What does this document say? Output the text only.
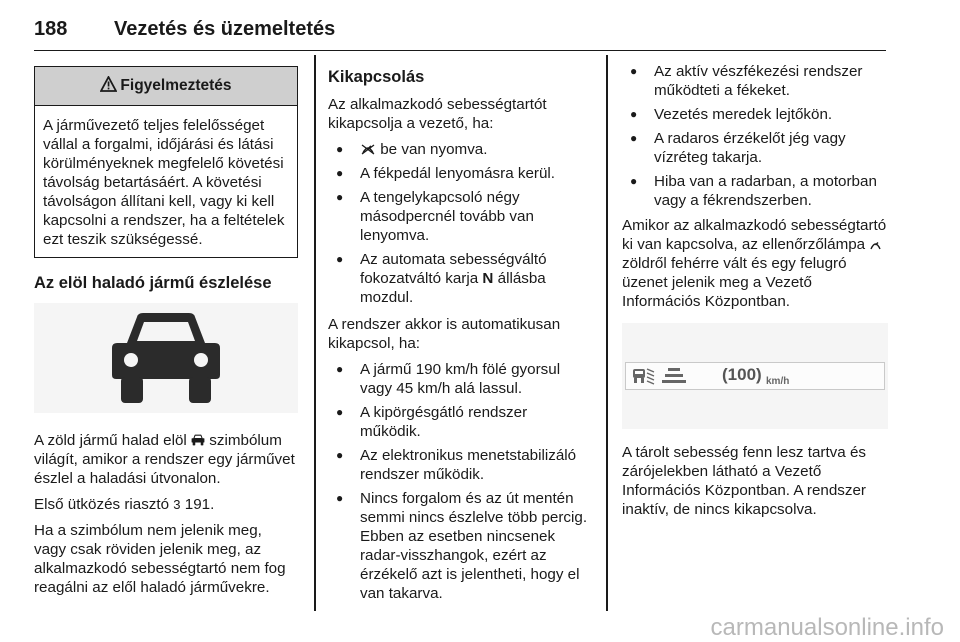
188 Vezetés és üzemeltetés
Figyelmeztetés
A járművezető teljes felelősséget vállal a forgalmi, időjárási és látási körülményeknek megfelelő követési távolság betartásáért. A követési távolságon állítani kell, vagy ki kell kapcsolni a rendszer, ha a feltételek ezt teszik szükségessé.
Az elöl haladó jármű észlelése

A zöld jármű halad elöl szimbólum világít, amikor a rendszer egy járművet észlel a haladási útvonalon.

Első ütközés riasztó 3 191.

Ha a szimbólum nem jelenik meg, vagy csak röviden jelenik meg, az alkalmazkodó sebességtartó nem fog reagálni az elől haladó járművekre.

Kikapcsolás

Az alkalmazkodó sebességtartót kikapcsolja a vezető, ha:

● be van nyomva.
● A fékpedál lenyomásra kerül.
● A tengelykapcsoló négy másodpercnél tovább van lenyomva.
● Az automata sebességváltó fokozatváltó karja N állásba mozdul.

A rendszer akkor is automatikusan kikapcsol, ha:

● A jármű 190 km/h fölé gyorsul vagy 45 km/h alá lassul.
● A kipörgésgátló rendszer működik.
● Az elektronikus menetstabilizáló rendszer működik.
● Nincs forgalom és az út mentén semmi nincs észlelve több percig. Ebben az esetben nincsenek radar-visszhangok, ezért az érzékelő azt is jelentheti, hogy el van takarva.
● Az aktív vészfékezési rendszer működteti a fékeket.
● Vezetés meredek lejtőkön.
● A radaros érzékelőt jég vagy vízréteg takarja.
● Hiba van a radarban, a motorban vagy a fékrendszerben.

Amikor az alkalmazkodó sebességtartó ki van kapcsolva, az ellenőrzőlámpa  zöldről fehérre vált és egy felugró üzenet jelenik meg a Vezető Információs Központban.

(100) km/h

A tárolt sebesség fenn lesz tartva és zárójelekben látható a Vezető Információs Központban. A rendszer inaktív, de nincs kikapcsolva.

carmanualsonline.info
